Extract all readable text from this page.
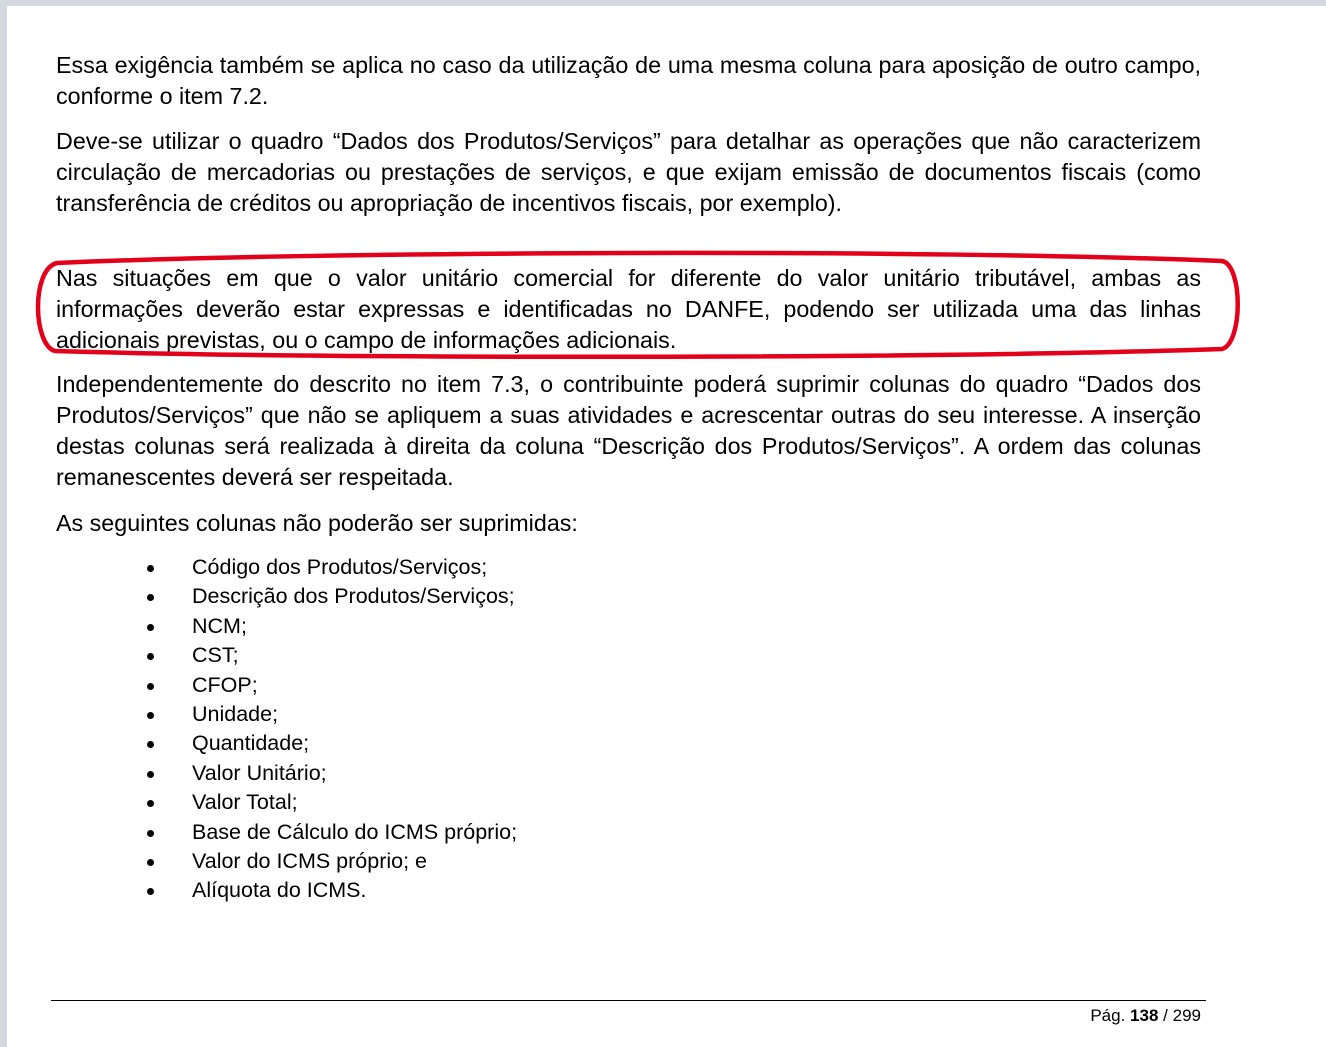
Essa exigência também se aplica no caso da utilização de uma mesma coluna para aposição de outro campo, conforme o item 7.2.

Deve-se utilizar o quadro “Dados dos Produtos/Serviços” para detalhar as operações que não caracterizem circulação de mercadorias ou prestações de serviços, e que exijam emissão de documentos fiscais (como transferência de créditos ou apropriação de incentivos fiscais, por exemplo).

Nas situações em que o valor unitário comercial for diferente do valor unitário tributável, ambas as informações deverão estar expressas e identificadas no DANFE, podendo ser utilizada uma das linhas adicionais previstas, ou o campo de informações adicionais.

Independentemente do descrito no item 7.3, o contribuinte poderá suprimir colunas do quadro “Dados dos Produtos/Serviços” que não se apliquem a suas atividades e acrescentar outras do seu interesse. A inserção destas colunas será realizada à direita da coluna “Descrição dos Produtos/Serviços”. A ordem das colunas remanescentes deverá ser respeitada.

As seguintes colunas não poderão ser suprimidas:

Código dos Produtos/Serviços;
Descrição dos Produtos/Serviços;
NCM;
CST;
CFOP;
Unidade;
Quantidade;
Valor Unitário;
Valor Total;
Base de Cálculo do ICMS próprio;
Valor do ICMS próprio; e
Alíquota do ICMS.
Pág. 138 / 299
